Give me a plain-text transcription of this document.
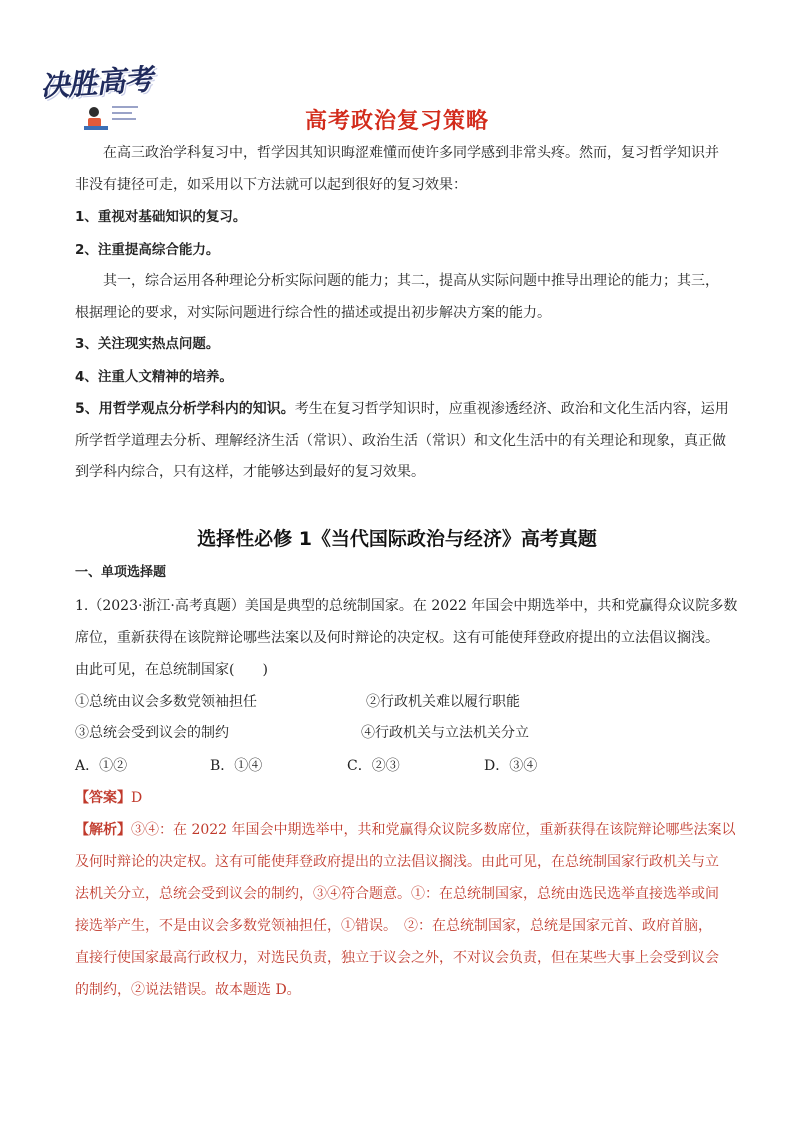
决胜高考
高考政治复习策略
在高三政治学科复习中，哲学因其知识晦涩难懂而使许多同学感到非常头疼。然而，复习哲学知识并
非没有捷径可走，如采用以下方法就可以起到很好的复习效果：
1、重视对基础知识的复习。
2、注重提高综合能力。
其一，综合运用各种理论分析实际问题的能力；其二，提高从实际问题中推导出理论的能力；其三，
根据理论的要求，对实际问题进行综合性的描述或提出初步解决方案的能力。
3、关注现实热点问题。
4、注重人文精神的培养。
5、用哲学观点分析学科内的知识。考生在复习哲学知识时，应重视渗透经济、政治和文化生活内容，运用
所学哲学道理去分析、理解经济生活（常识）、政治生活（常识）和文化生活中的有关理论和现象，真正做
到学科内综合，只有这样，才能够达到最好的复习效果。
选择性必修 1《当代国际政治与经济》高考真题
一、单项选择题
1.（2023·浙江·高考真题）美国是典型的总统制国家。在 2022 年国会中期选举中，共和党赢得众议院多数
席位，重新获得在该院辩论哪些法案以及何时辩论的决定权。这有可能使拜登政府提出的立法倡议搁浅。
由此可见，在总统制国家(　　)
①总统由议会多数党领袖担任	②行政机关难以履行职能
③总统会受到议会的制约	④行政机关与立法机关分立
A．①②	B．①④	C．②③	D．③④
【答案】D
【解析】③④：在 2022 年国会中期选举中，共和党赢得众议院多数席位，重新获得在该院辩论哪些法案以
及何时辩论的决定权。这有可能使拜登政府提出的立法倡议搁浅。由此可见，在总统制国家行政机关与立
法机关分立，总统会受到议会的制约，③④符合题意。①：在总统制国家，总统由选民选举直接选举或间
接选举产生，不是由议会多数党领袖担任，①错误。　②：在总统制国家，总统是国家元首、政府首脑，
直接行使国家最高行政权力，对选民负责，独立于议会之外，不对议会负责，但在某些大事上会受到议会
的制约，②说法错误。故本题选 D。
